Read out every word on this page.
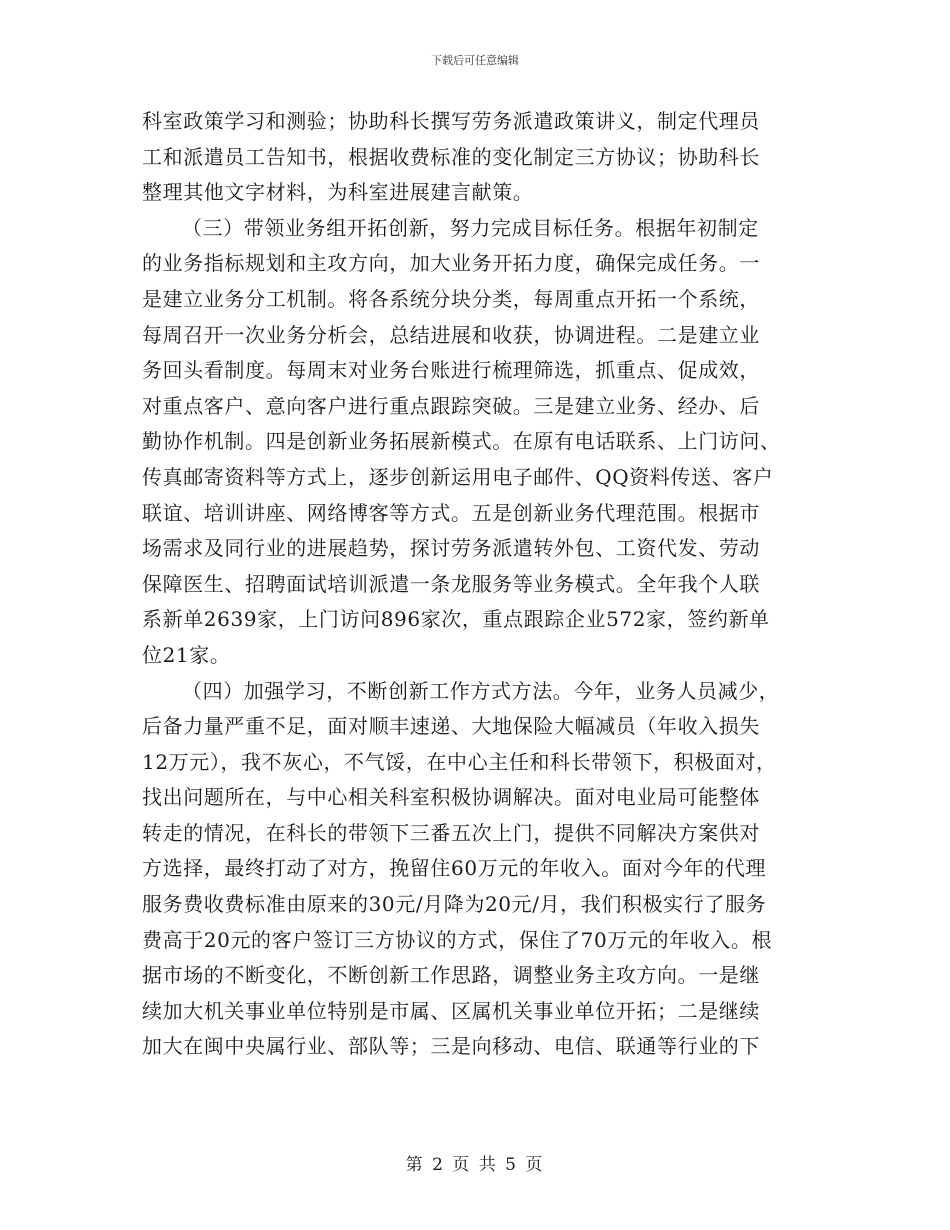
下载后可任意编辑
科室政策学习和测验；协助科长撰写劳务派遣政策讲义，制定代理员
工和派遣员工告知书，根据收费标准的变化制定三方协议；协助科长
整理其他文字材料，为科室进展建言献策。
（三）带领业务组开拓创新，努力完成目标任务。根据年初制定
的业务指标规划和主攻方向，加大业务开拓力度，确保完成任务。一
是建立业务分工机制。将各系统分块分类，每周重点开拓一个系统，
每周召开一次业务分析会，总结进展和收获，协调进程。二是建立业
务回头看制度。每周末对业务台账进行梳理筛选，抓重点、促成效，
对重点客户、意向客户进行重点跟踪突破。三是建立业务、经办、后
勤协作机制。四是创新业务拓展新模式。在原有电话联系、上门访问、
传真邮寄资料等方式上，逐步创新运用电子邮件、QQ资料传送、客户
联谊、培训讲座、网络博客等方式。五是创新业务代理范围。根据市
场需求及同行业的进展趋势，探讨劳务派遣转外包、工资代发、劳动
保障医生、招聘面试培训派遣一条龙服务等业务模式。全年我个人联
系新单2639家，上门访问896家次，重点跟踪企业572家，签约新单
位21家。
（四）加强学习，不断创新工作方式方法。今年，业务人员减少，
后备力量严重不足，面对顺丰速递、大地保险大幅减员（年收入损失
12万元），我不灰心，不气馁，在中心主任和科长带领下，积极面对，
找出问题所在，与中心相关科室积极协调解决。面对电业局可能整体
转走的情况，在科长的带领下三番五次上门，提供不同解决方案供对
方选择，最终打动了对方，挽留住60万元的年收入。面对今年的代理
服务费收费标准由原来的30元/月降为20元/月，我们积极实行了服务
费高于20元的客户签订三方协议的方式，保住了70万元的年收入。根
据市场的不断变化，不断创新工作思路，调整业务主攻方向。一是继
续加大机关事业单位特别是市属、区属机关事业单位开拓；二是继续
加大在闽中央属行业、部队等；三是向移动、电信、联通等行业的下
第 2 页 共 5 页
